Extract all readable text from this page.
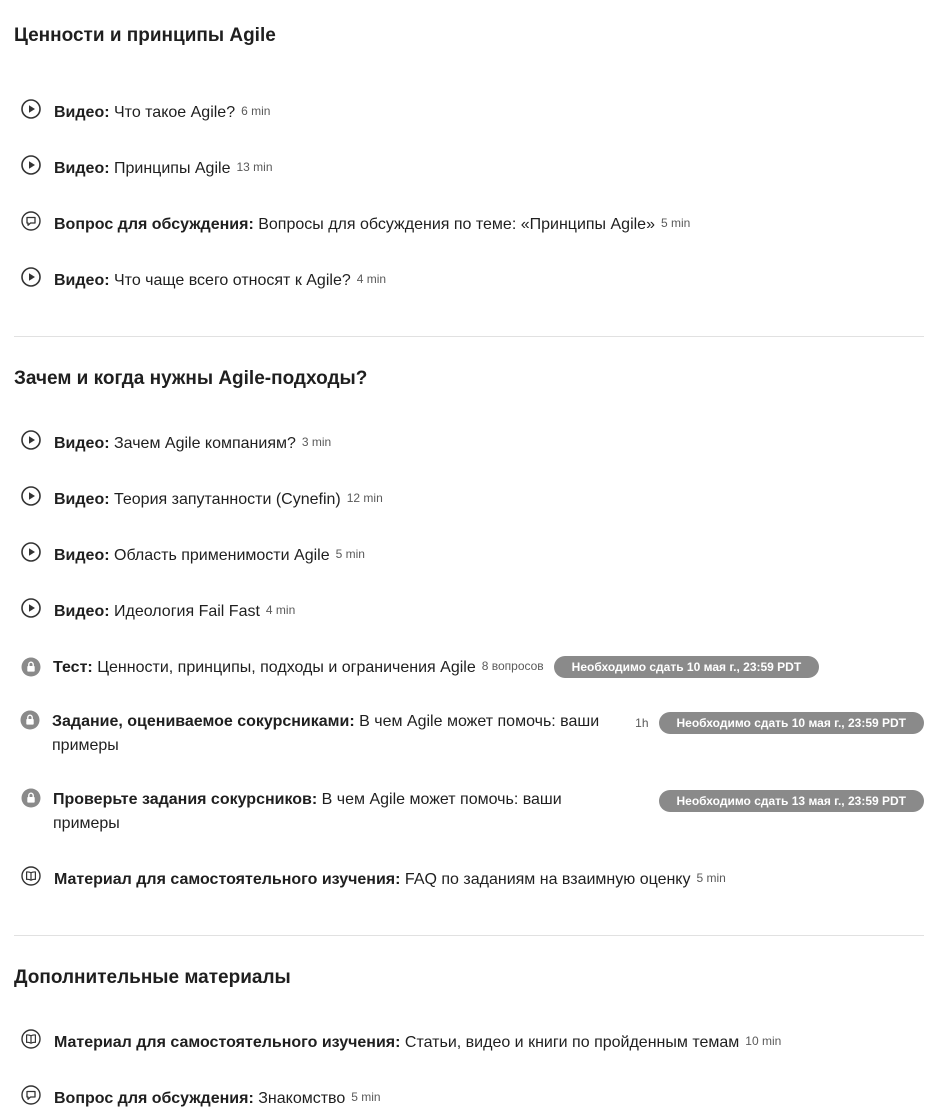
Ценности и принципы Agile
Видео: Что такое Agile? 6 min
Видео: Принципы Agile 13 min
Вопрос для обсуждения: Вопросы для обсуждения по теме: «Принципы Agile» 5 min
Видео: Что чаще всего относят к Agile? 4 min
Зачем и когда нужны Agile-подходы?
Видео: Зачем Agile компаниям? 3 min
Видео: Теория запутанности (Cynefin) 12 min
Видео: Область применимости Agile 5 min
Видео: Идеология Fail Fast 4 min
Тест: Ценности, принципы, подходы и ограничения Agile 8 вопросов	Необходимо сдать 10 мая г., 23:59 PDT
Задание, оцениваемое сокурсниками: В чем Agile может помочь: ваши примеры
1h	Необходимо сдать 10 мая г., 23:59 PDT
Проверьте задания сокурсников: В чем Agile может помочь: ваши примеры
Необходимо сдать 13 мая г., 23:59 PDT
Материал для самостоятельного изучения: FAQ по заданиям на взаимную оценку 5 min
Дополнительные материалы
Материал для самостоятельного изучения: Статьи, видео и книги по пройденным темам 10 min
Вопрос для обсуждения: Знакомство 5 min
